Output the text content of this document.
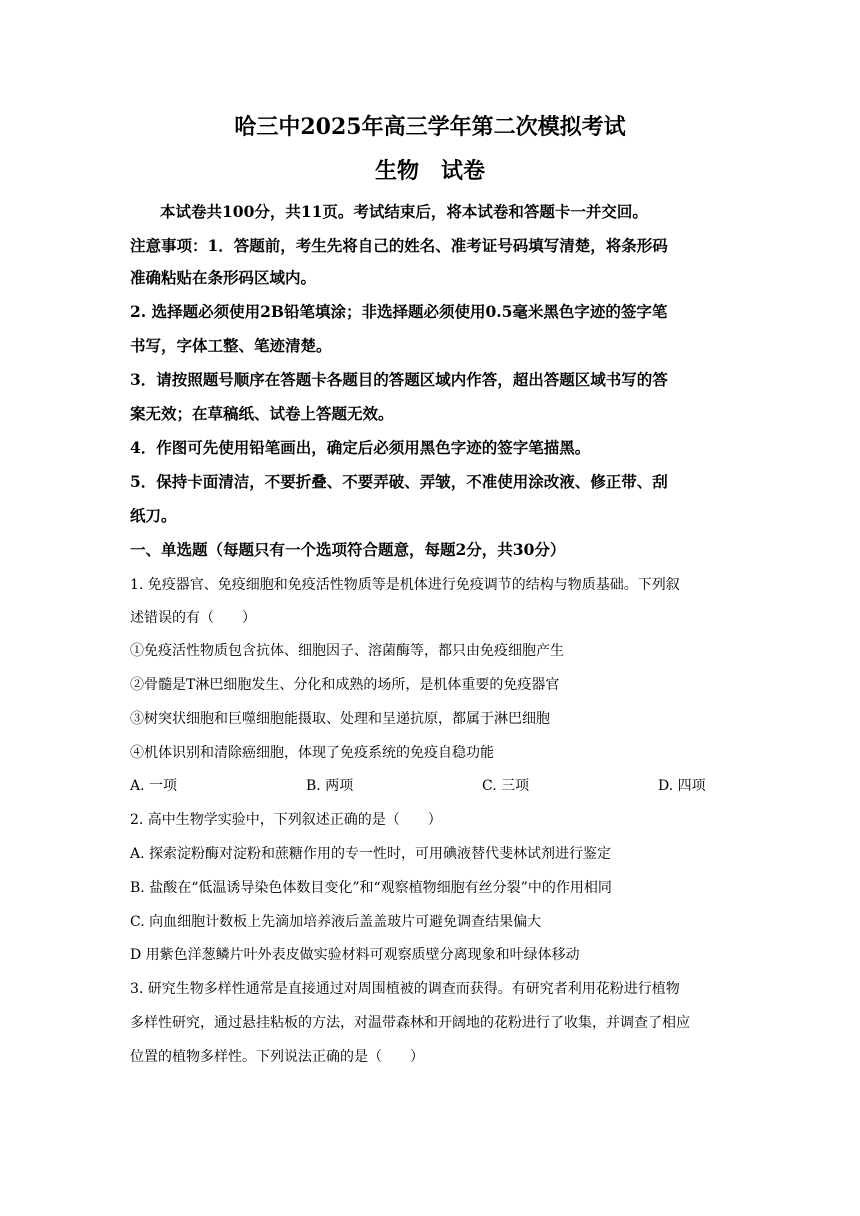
哈三中2025年高三学年第二次模拟考试
生物　试卷
本试卷共100分，共11页。考试结束后，将本试卷和答题卡一并交回。
注意事项：1．答题前，考生先将自己的姓名、准考证号码填写清楚，将条形码
准确粘贴在条形码区域内。
2. 选择题必须使用2B铅笔填涂；非选择题必须使用0.5毫米黑色字迹的签字笔
书写，字体工整、笔迹清楚。
3．请按照题号顺序在答题卡各题目的答题区域内作答，超出答题区域书写的答
案无效；在草稿纸、试卷上答题无效。
4．作图可先使用铅笔画出，确定后必须用黑色字迹的签字笔描黑。
5．保持卡面清洁，不要折叠、不要弄破、弄皱，不准使用涂改液、修正带、刮
纸刀。
一、单选题（每题只有一个选项符合题意，每题2分，共30分）
1. 免疫器官、免疫细胞和免疫活性物质等是机体进行免疫调节的结构与物质基础。下列叙
述错误的有（　　）
①免疫活性物质包含抗体、细胞因子、溶菌酶等，都只由免疫细胞产生
②骨髓是T淋巴细胞发生、分化和成熟的场所，是机体重要的免疫器官
③树突状细胞和巨噬细胞能摄取、处理和呈递抗原，都属于淋巴细胞
④机体识别和清除癌细胞，体现了免疫系统的免疫自稳功能
A. 一项	B. 两项	C. 三项	D. 四项
2. 高中生物学实验中，下列叙述正确的是（　　）
A. 探索淀粉酶对淀粉和蔗糖作用的专一性时，可用碘液替代斐林试剂进行鉴定
B. 盐酸在“低温诱导染色体数目变化”和“观察植物细胞有丝分裂”中的作用相同
C. 向血细胞计数板上先滴加培养液后盖盖玻片可避免调查结果偏大
D 用紫色洋葱鳞片叶外表皮做实验材料可观察质壁分离现象和叶绿体移动
3. 研究生物多样性通常是直接通过对周围植被的调查而获得。有研究者利用花粉进行植物
多样性研究，通过悬挂粘板的方法，对温带森林和开阔地的花粉进行了收集，并调查了相应
位置的植物多样性。下列说法正确的是（　　）
